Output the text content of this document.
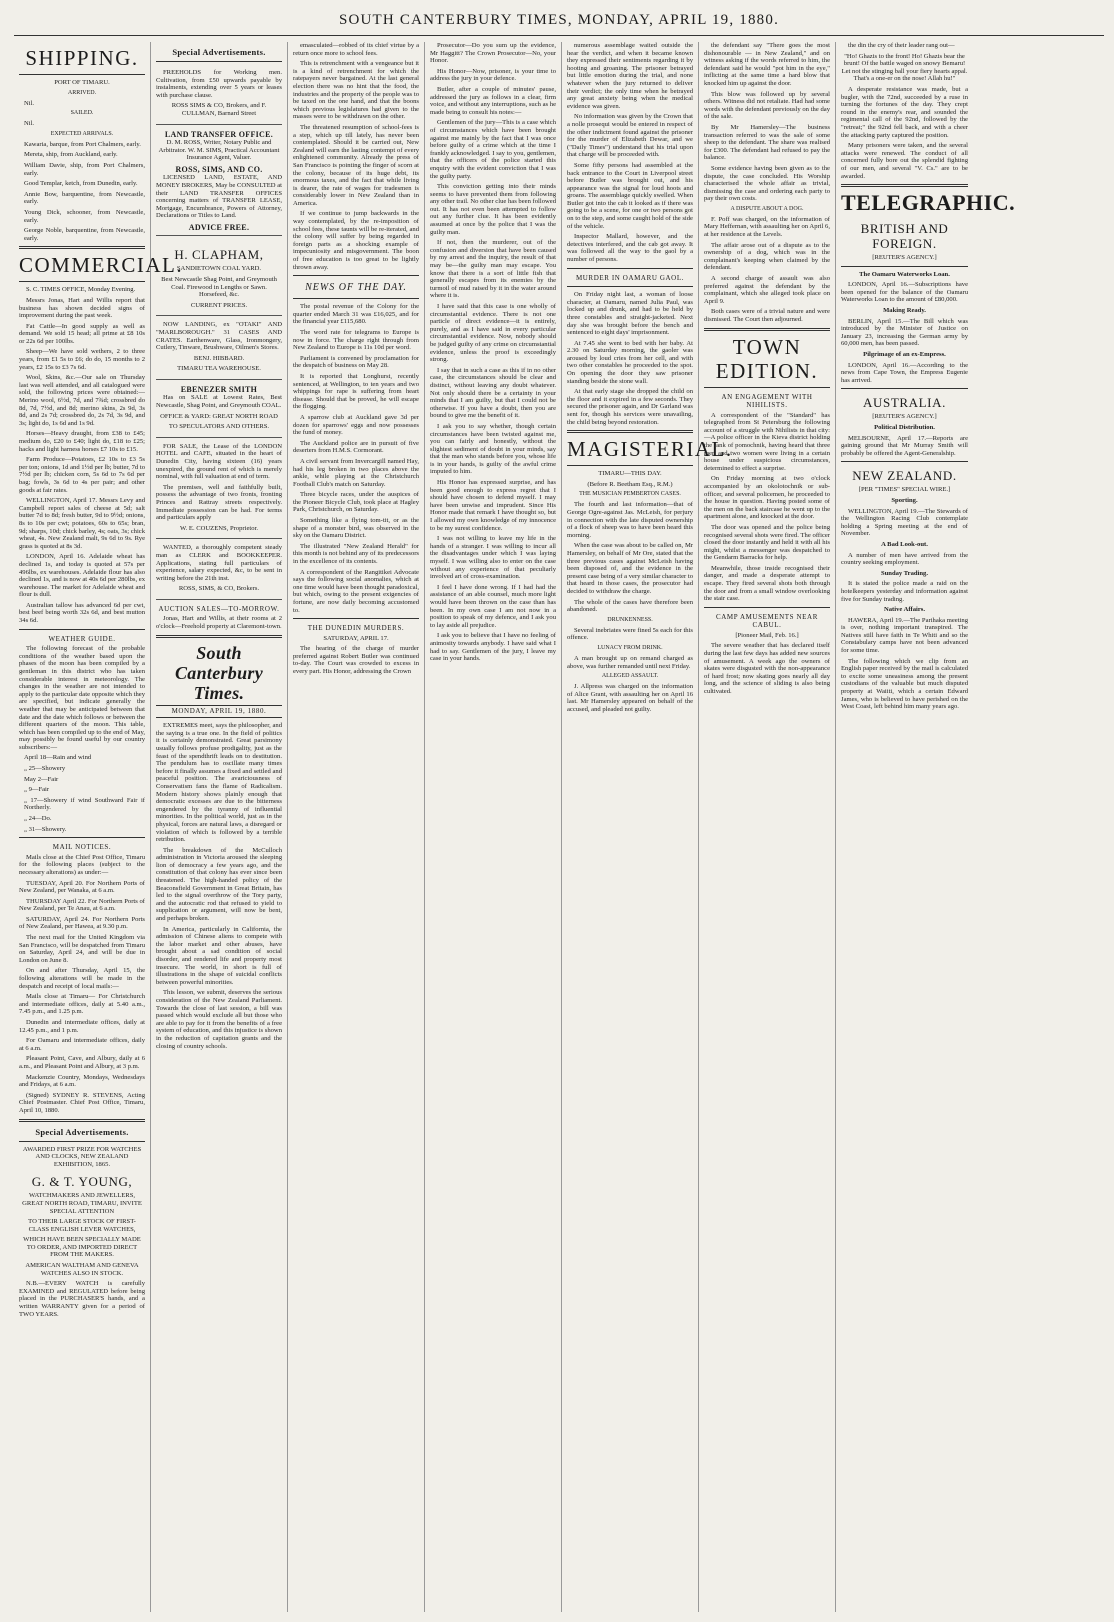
SOUTH CANTERBURY TIMES, MONDAY, APRIL 19, 1880.
SHIPPING.

PORT OF TIMARU.

ARRIVED.

Nil.

SAILED.

Nil.

EXPECTED ARRIVALS.

Kawaria, barque, from Port Chalmers, early.

Mereta, ship, from Auckland, early.

William Davie, ship, from Port Chalmers, early.

Good Templar, ketch, from Dunedin, early.

Annie Bow, barquentine, from Newcastle, early.

Young Dick, schooner, from Newcastle, early.

George Noble, barquentine, from Newcastle, early.

COMMERCIAL.

S. C. TIMES OFFICE, Monday Evening.

Messrs Jonas, Hart and Willis report that business has shown decided signs of improvement during the past week.

Fat Cattle—In good supply as well as demand. We sold 15 head; all prime at £8 10s or 22s 6d per 100lbs.

Sheep—We have sold wethers, 2 to three years, from £1 5s to £6; do do, 15 months to 2 years, £2 15s to £3 7s 6d.

Wool, Skins, &c.—Our sale on Thursday last was well attended, and all catalogued were sold, the following prices were obtained:—Merino wool, 6½d, 7d, and 7¾d; crossbred do 8d, 7d, 7½d, and 8d; merino skins, 2s 9d, 3s 8d, and 2s 7d; crossbred do, 2s 7d, 3s 9d, and 3s; light do, 1s 6d and 1s 9d.

Horses—Heavy draught, from £38 to £45; medium do, £20 to £40; light do, £18 to £25; hacks and light harness horses £7 10s to £15.

Farm Produce—Potatoes, £2 10s to £3 5s per ton; onions, 1d and 1½d per lb; butter, 7d to 7½d per lb; chicken corn, 5s 6d to 7s 6d per bag; fowls, 3s 6d to 4s per pair; and other goods at fair rates.

WELLINGTON, April 17. Messrs Levy and Campbell report sales of cheese at 5d; salt butter 7d to 8d; fresh butter, 9d to 9½d; onions, 8s to 10s per cwt; potatoes, 60s to 65s; bran, 9d; sharps, 10d; chick barley, 4s; oats, 3s; chick wheat, 4s. New Zealand malt, 9s 6d to 9s. Rye grass is quoted at 8s 3d.

LONDON, April 16. Adelaide wheat has declined 1s, and today is quoted at 57s per 496lbs, ex warehouses. Adelaide flour has also declined 1s, and is now at 40s 6d per 280lbs, ex warehouse. The market for Adelaide wheat and flour is dull.

Australian tallow has advanced 6d per cwt, best beef being worth 32s 6d, and best mutton 34s 6d.

WEATHER GUIDE.

The following forecast of the probable conditions of the weather based upon the phases of the moon has been compiled by a gentleman in this district who has taken considerable interest in meteorology. The changes in the weather are not intended to apply to the particular date opposite which they are specified, but indicate generally the weather that may be anticipated between that date and the date which follows or between the different quarters of the moon. This table, which has been compiled up to the end of May, may possibly be found useful by our country subscribers:—

April 18—Rain and wind

„ 25—Showery

May 2—Fair

„ 9—Fair

„ 17—Showery if wind Southward Fair if Northerly.

„ 24—Do.

„ 31—Showery.

MAIL NOTICES.

Mails close at the Chief Post Office, Timaru for the following places (subject to the necessary alterations) as under:—

TUESDAY, April 20. For Northern Ports of New Zealand, per Wanaka, at 6 a.m.

THURSDAY April 22. For Northern Ports of New Zealand, per Te Anau, at 6 a.m.

SATURDAY, April 24. For Northern Ports of New Zealand, per Hawea, at 9.30 p.m.

The next mail for the United Kingdom via San Francisco, will be despatched from Timaru on Saturday, April 24, and will be due in London on June 8.

On and after Thursday, April 15, the following alterations will be made in the despatch and receipt of local mails:—

Mails close at Timaru— For Christchurch and intermediate offices, daily at 5.40 a.m., 7.45 p.m., and 1.25 p.m.

Dunedin and intermediate offices, daily at 12.45 p.m., and 1 p.m.

For Oamaru and intermediate offices, daily at 6 a.m.

Pleasant Point, Cave, and Albury, daily at 6 a.m., and Pleasant Point and Albury, at 3 p.m.

Mackenzie Country, Mondays, Wednesdays and Fridays, at 6 a.m.

(Signed) SYDNEY R. STEVENS, Acting Chief Postmaster. Chief Post Office, Timaru, April 10, 1880.

Special Advertisements.

AWARDED FIRST PRIZE FOR WATCHES AND CLOCKS, NEW ZEALAND EXHIBITION, 1865.

G. & T. YOUNG,

WATCHMAKERS AND JEWELLERS, GREAT NORTH ROAD, TIMARU, INVITE SPECIAL ATTENTION

TO THEIR LARGE STOCK OF FIRST-CLASS ENGLISH LEVER WATCHES,

WHICH HAVE BEEN SPECIALLY MADE TO ORDER, AND IMPORTED DIRECT FROM THE MAKERS.

AMERICAN WALTHAM AND GENEVA WATCHES ALSO IN STOCK.

N.B.—EVERY WATCH is carefully EXAMINED and REGULATED before being placed in the PURCHASER'S hands, and a written WARRANTY given for a period of TWO YEARS.

Special Advertisements.

FREEHOLDS for Working men. Cultivation, from £50 upwards payable by instalments, extending over 5 years or leases with purchase clause.

ROSS SIMS & CO, Brokers, and F. CULLMAN, Barnard Street

LAND TRANSFER OFFICE.

D. M. ROSS, Writer, Notary Public and Arbitrator. W. M. SIMS, Practical Accountant Insurance Agent, Valuer.

ROSS, SIMS, AND CO.

LICENSED LAND, ESTATE, AND MONEY BROKERS, May be CONSULTED at their LAND TRANSFER OFFICES concerning matters of TRANSFER LEASE, Mortgage, Encumbrance, Powers of Attorney, Declarations or Titles to Land.

ADVICE FREE.
H. CLAPHAM,

SANDIETOWN COAL YARD.

Best Newcastle Shag Point, and Greymouth Coal. Firewood in Lengths or Sawn. Horsefeed, &c.

CURRENT PRICES.

NOW LANDING, ex "OTAKI" AND "MARLBOROUGH." 31 CASES AND CRATES. Earthenware, Glass, Ironmongery, Cutlery, Tinware, Brushware, Oilmen's Stores.

BENJ. HIBBARD.

TIMARU TEA WAREHOUSE.

EBENEZER SMITH

Has on SALE at Lowest Rates, Best Newcastle, Shag Point, and Greymouth COAL.

OFFICE & YARD: GREAT NORTH ROAD

TO SPECULATORS AND OTHERS.

FOR SALE, the Lease of the LONDON HOTEL and CAFE, situated in the heart of Dunedin City, having sixteen (16) years unexpired, the ground rent of which is merely nominal, with full valuation at end of term.

The premises, well and faithfully built, possess the advantage of two fronts, fronting Princes and Rattray streets respectively. Immediate possession can be had. For terms and particulars apply

W. E. COUZENS, Proprietor.

WANTED, a thoroughly competent steady man as CLERK and BOOKKEEPER. Applications, stating full particulars of experience, salary expected, &c, to be sent in writing before the 21th inst.

ROSS, SIMS, & CO, Brokers.

AUCTION SALES—TO-MORROW.

Jonas, Hart and Willis, at their rooms at 2 o'clock—Freehold property at Claremont-town.

South Canterbury Times.
MONDAY, APRIL 19, 1880.

EXTREMES meet, says the philosopher, and the saying is a true one. In the field of politics it is certainly demonstrated. Great parsimony usually follows profuse prodigality, just as the feast of the spendthrift leads on to destitution. The pendulum has to oscillate many times before it finally assumes a fixed and settled and peaceful position. The avariciousness of Conservatism fans the flame of Radicalism. Modern history shows plainly enough that democratic excesses are due to the bitterness engendered by the tyranny of influential minorities. In the political world, just as in the physical, forces are natural laws, a disregard or violation of which is followed by a terrible retribution.

The breakdown of the McCulloch administration in Victoria aroused the sleeping lion of democracy a few years ago, and the constitution of that colony has ever since been threatened. The high-handed policy of the Beaconsfield Government in Great Britain, has led to the signal overthrow of the Tory party, and the autocratic rod that refused to yield to supplication or argument, will now be bent, and perhaps broken.

In America, particularly in California, the admission of Chinese aliens to compete with the labor market and other abuses, have brought about a sad condition of social disorder, and rendered life and property most insecure. The world, in short is full of illustrations in the shape of suicidal conflicts between powerful minorities.

This lesson, we submit, deserves the serious consideration of the New Zealand Parliament. Towards the close of last session, a bill was passed which would exclude all but those who are able to pay for it from the benefits of a free system of education, and this injustice is shown in the reduction of capitation grants and the closing of country schools.

emasculated—robbed of its chief virtue by a return once more to school fees.

This is retrenchment with a vengeance but it is a kind of retrenchment for which the ratepayers never bargained. At the last general election there was no hint that the food, the industries and the property of the people was to be taxed on the one hand, and that the boons which previous legislatures had given to the masses were to be withdrawn on the other.

The threatened resumption of school-fees is a step, which up till lately, has never been contemplated. Should it be carried out, New Zealand will earn the lasting contempt of every enlightened community. Already the press of San Francisco is pointing the finger of scorn at the colony, because of its huge debt, its enormous taxes, and the fact that while living is dearer, the rate of wages for tradesmen is considerably lower in New Zealand than in America.

If we continue to jump backwards in the way contemplated, by the re-imposition of school fees, these taunts will be re-iterated, and the colony will suffer by being regarded in foreign parts as a shocking example of impecuniosity and misgovernment. The boon of free education is too great to be lightly thrown away.

NEWS OF THE DAY.

The postal revenue of the Colony for the quarter ended March 31 was £16,025, and for the financial year £115,680.

The word rate for telegrams to Europe is now in force. The charge right through from New Zealand to Europe is 11s 10d per word.

Parliament is convened by proclamation for the despatch of business on May 28.

It is reported that Longhurst, recently sentenced, at Wellington, to ten years and two whippings for rape is suffering from heart disease. Should that be proved, he will escape the flogging.

A sparrow club at Auckland gave 3d per dozen for sparrows' eggs and now possesses the fund of money.

The Auckland police are in pursuit of five deserters from H.M.S. Cormorant.

A civil servant from Invercargill named Hay, had his leg broken in two places above the ankle, while playing at the Christchurch Football Club's match on Saturday.

Three bicycle races, under the auspices of the Pioneer Bicycle Club, took place at Hagley Park, Christchurch, on Saturday.

Something like a flying tom-tit, or as the shape of a monster bird, was observed in the sky on the Oamaru District.

The illustrated "New Zealand Herald" for this month is not behind any of its predecessors in the excellence of its contents.

A correspondent of the Rangitikei Advocate says the following social anomalies, which at one time would have been thought paradoxical, but which, owing to the present exigencies of fortune, are now daily becoming accustomed to.

THE DUNEDIN MURDERS.

SATURDAY, APRIL 17.

The hearing of the charge of murder preferred against Robert Butler was continued to-day. The Court was crowded to excess in every part. His Honor, addressing the Crown

Prosecutor—Do you sum up the evidence, Mr Haggitt? The Crown Prosecutor—No, your Honor.

His Honor—Now, prisoner, is your time to address the jury in your defence.

Butler, after a couple of minutes' pause, addressed the jury as follows in a clear, firm voice, and without any interruptions, such as he made being to consult his notes:—

Gentlemen of the jury—This is a case which of circumstances which have been brought against me mainly by the fact that I was once before guilty of a crime which at the time I frankly acknowledged. I say to you, gentlemen, that the officers of the police started this enquiry with the evident conviction that I was the guilty party.

This conviction getting into their minds seems to have prevented them from following any other trail. No other clue has been followed out. It has not even been attempted to follow out any further clue. It has been evidently assumed at once by the police that I was the guilty man.

If not, then the murderer, out of the confusion and diversion that have been caused by my arrest and the inquiry, the result of that may be—the guilty man may escape. You know that there is a sort of little fish that generally escapes from its enemies by the turmoil of mud raised by it in the water around where it is.

I have said that this case is one wholly of circumstantial evidence. There is not one particle of direct evidence—it is entirely, purely, and as I have said in every particular circumstantial evidence. Now, nobody should be judged guilty of any crime on circumstantial evidence, unless the proof is exceedingly strong.

I say that in such a case as this if in no other case, the circumstances should be clear and distinct, without leaving any doubt whatever. Not only should there be a certainty in your minds that I am guilty, but that I could not be otherwise. If you have a doubt, then you are bound to give me the benefit of it.

I ask you to say whether, though certain circumstances have been twisted against me, you can fairly and honestly, without the slightest sediment of doubt in your minds, say that the man who stands before you, whose life is in your hands, is guilty of the awful crime imputed to him.

His Honor has expressed surprise, and has been good enough to express regret that I should have chosen to defend myself. I may have been unwise and imprudent. Since His Honor made that remark I have thought so, but I allowed my own knowledge of my innocence to be my surest confidence.

I was not willing to leave my life in the hands of a stranger. I was willing to incur all the disadvantages under which I was laying myself. I was willing also to enter on the case without any experience of that peculiarly involved art of cross-examination.

I feel I have done wrong. If I had had the assistance of an able counsel, much more light would have been thrown on the case than has been. In my own case I am not now in a position to speak of my defence, and I ask you to lay aside all prejudice.

I ask you to believe that I have no feeling of animosity towards anybody. I have said what I had to say. Gentlemen of the jury, I leave my case in your hands.

numerous assemblage waited outside the hear the verdict, and when it became known they expressed their sentiments regarding it by hooting and groaning. The prisoner betrayed but little emotion during the trial, and none whatever when the jury returned to deliver their verdict; the only time when he betrayed any great anxiety being when the medical evidence was given.

No information was given by the Crown that a nolle prosequi would be entered in respect of the other indictment found against the prisoner for the murder of Elizabeth Dewar, and we ("Daily Times") understand that his trial upon that charge will be proceeded with.

Some fifty persons had assembled at the back entrance to the Court in Liverpool street before Butler was brought out, and his appearance was the signal for loud hoots and groans. The assemblage quickly swelled. When Butler got into the cab it looked as if there was going to be a scene, for one or two persons got on to the step, and some caught hold of the side of the vehicle.

Inspector Mallard, however, and the detectives interfered, and the cab got away. It was followed all the way to the gaol by a number of persons.

MURDER IN OAMARU GAOL.

On Friday night last, a woman of loose character, at Oamaru, named Julia Paul, was locked up and drunk, and had to be held by three constables and straight-jacketed. Next day she was brought before the bench and sentenced to eight days' imprisonment.

At 7.45 she went to bed with her baby. At 2.30 on Saturday morning, the gaoler was aroused by loud cries from her cell, and with two other constables he proceeded to the spot. On opening the door they saw prisoner standing beside the stone wall.

At that early stage she dropped the child on the floor and it expired in a few seconds. They secured the prisoner again, and Dr Garland was sent for, though his services were unavailing, the child being beyond restoration.

MAGISTERIAL.

TIMARU—THIS DAY.

(Before R. Beetham Esq., R.M.)

THE MUSICIAN PEMBERTON CASES.

The fourth and last information—that of George Ogre-against Jas. McLeish, for perjury in connection with the late disputed ownership of a flock of sheep was to have been heard this morning.

When the case was about to be called on, Mr Hamersley, on behalf of Mr Ore, stated that the three previous cases against McLeish having been disposed of, and the evidence in the present case being of a very similar character to that heard in those cases, the prosecutor had decided to withdraw the charge.

The whole of the cases have therefore been abandoned.

DRUNKENNESS.

Several inebriates were fined 5s each for this offence.

LUNACY FROM DRINK.

A man brought up on remand charged as above, was further remanded until next Friday.

ALLEGED ASSAULT.

J. Allpress was charged on the information of Alice Grant, with assaulting her on April 16 last. Mr Hamersley appeared on behalf of the accused, and pleaded not guilty.

the defendant say "There goes the most dishonourable — in New Zealand," and on witness asking if the words referred to him, the defendant said he would "pot him in the eye," inflicting at the same time a hard blow that knocked him up against the door.

This blow was followed up by several others. Witness did not retaliate. Had had some words with the defendant previously on the day of the sale.

By Mr Hamersley—The business transaction referred to was the sale of some sheep to the defendant. The share was realised for £300. The defendant had refused to pay the balance.

Some evidence having been given as to the dispute, the case concluded. His Worship characterised the whole affair as trivial, dismissing the case and ordering each party to pay their own costs.

A DISPUTE ABOUT A DOG.

F. Poff was charged, on the information of Mary Heffernan, with assaulting her on April 6, at her residence at the Levels.

The affair arose out of a dispute as to the ownership of a dog, which was in the complainant's keeping when claimed by the defendant.

A second charge of assault was also preferred against the defendant by the complainant, which she alleged took place on April 9.

Both cases were of a trivial nature and were dismissed. The Court then adjourned.

TOWN EDITION.
AN ENGAGEMENT WITH NIHILISTS.

A correspondent of the "Standard" has telegraphed from St Petersburg the following account of a struggle with Nihilists in that city:—A police officer in the Kieva district holding the rank of pomochnik, having heard that three men and two women were living in a certain house under suspicious circumstances, determined to effect a surprise.

On Friday morning at two o'clock accompanied by an okolotochnik or sub-officer, and several policemen, he proceeded to the house in question. Having posted some of the men on the back staircase he went up to the apartment alone, and knocked at the door.

The door was opened and the police being recognised several shots were fired. The officer closed the door instantly and held it with all his might, whilst a messenger was despatched to the Gendarm Barracks for help.

Meanwhile, those inside recognised their danger, and made a desperate attempt to escape. They fired several shots both through the door and from a small window overlooking the stair case.

CAMP AMUSEMENTS NEAR CABUL.

[Pioneer Mail, Feb. 16.]

The severe weather that has declared itself during the last few days has added new sources of amusement. A week ago the owners of skates were disgusted with the non-appearance of hard frost; now skating goes nearly all day long, and the science of sliding is also being cultivated.

the din the cry of their leader rang out—

"Ho! Ghazis to the front! Ho! Ghazis bear the brunt! Of the battle waged on snowy Bemaru! Let not the stinging ball your fiery hearts appal. That's a one-er on the nose! Allah hu!"

A desperate resistance was made, but a bugler, with the 72nd, succeeded by a ruse in turning the fortunes of the day. They crept round in the enemy's rear, and sounded the regimental call of the 92nd, followed by the "retreat;" the 92nd fell back, and with a cheer the attacking party captured the position.

Many prisoners were taken, and the several attacks were renewed. The conduct of all concerned fully bore out the splendid fighting of our men, and several "V. Cs." are to be awarded.

TELEGRAPHIC.
BRITISH AND FOREIGN.

[REUTER'S AGENCY.]

The Oamaru Waterworks Loan.

LONDON, April 16.—Subscriptions have been opened for the balance of the Oamaru Waterworks Loan to the amount of £80,000.

Making Ready.

BERLIN, April 15.—The Bill which was introduced by the Minister of Justice on January 23, increasing the German army by 60,000 men, has been passed.

Pilgrimage of an ex-Empress.

LONDON, April 16.—According to the news from Cape Town, the Empress Eugenie has arrived.

AUSTRALIA.

[REUTER'S AGENCY.]

Political Distribution.

MELBOURNE, April 17.—Reports are gaining ground that Mr Murray Smith will probably be offered the Agent-Generalship.

NEW ZEALAND.

[PER "TIMES" SPECIAL WIRE.]

Sporting.

WELLINGTON, April 19.—The Stewards of the Wellington Racing Club contemplate holding a Spring meeting at the end of November.

A Bad Look-out.

A number of men have arrived from the country seeking employment.

Sunday Trading.

It is stated the police made a raid on the hotelkeepers yesterday and information against five for Sunday trading.

Native Affairs.

HAWERA, April 19.—The Parihaka meeting is over, nothing important transpired. The Natives still have faith in Te Whiti and so the Constabulary camps have not been advanced for some time.

The following which we clip from an English paper received by the mail is calculated to excite some uneasiness among the present custodians of the valuable but much disputed property at Waiiti, which a certain Edward James, who is believed to have perished on the West Coast, left behind him many years ago.
